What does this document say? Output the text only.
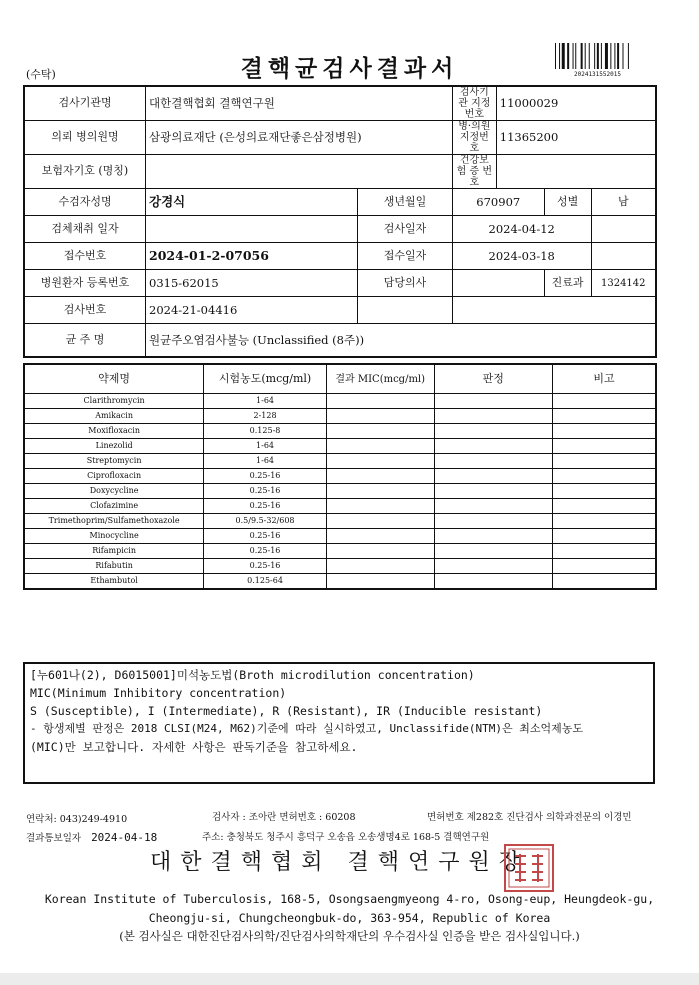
(수탁)	결핵균검사결과서	2024131552015
검사기관명	대한결핵협회 결핵연구원		검사기관 지정번호	11000029		
의뢰 병의원명	삼광의료재단 (은성의료재단좋은삼정병원)		병·의원 지정번호	11365200		
보험자기호 (명칭)			건강보험 증 번호			
수검자성명	강경식	생년월일	670907		성별	남
검체채취 일자		검사일자	2024-04-12			
접수번호	2024-01-2-07056	접수일자	2024-03-18			
병원환자 등록번호	0315-62015	담당의사			진료과	1324142
검사번호	2024-21-04416					
균 주 명	원균주오염검사불능 (Unclassified (8주))					
약제명	시험농도(mcg/ml)	결과 MIC(mcg/ml)	판정	비고
Clarithromycin	1-64			
Amikacin	2-128			
Moxifloxacin	0.125-8			
Linezolid	1-64			
Streptomycin	1-64			
Ciprofloxacin	0.25-16			
Doxycycline	0.25-16			
Clofazimine	0.25-16			
Trimethoprim/Sulfamethoxazole	0.5/9.5-32/608			
Minocycline	0.25-16			
Rifampicin	0.25-16			
Rifabutin	0.25-16			
Ethambutol	0.125-64			
[누601나(2), D6015001]미석농도법(Broth microdilution concentration)
MIC(Minimum Inhibitory concentration)
S (Susceptible), I (Intermediate), R (Resistant), IR (Inducible resistant)
- 항생제별 판정은 2018 CLSI(M24, M62)기준에 따라 실시하였고, Unclassifide(NTM)은 최소억제농도
(MIC)만 보고합니다. 자세한 사항은 판독기준을 참고하세요.
연락처: 043)249-4910	검사자 : 조아란 면허번호 : 60208	면허번호 제282호 진단검사 의학과전문의 이경민
결과통보일자 2024-04-18	주소: 충청북도 청주시 흥덕구 오송읍 오송생명4로 168-5 결핵연구원
대한결핵협회 결핵연구원장
Korean Institute of Tuberculosis, 168-5, Osongsaengmyeong 4-ro, Osong-eup, Heungdeok-gu,
Cheongju-si, Chungcheongbuk-do, 363-954, Republic of Korea
(본 검사실은 대한진단검사의학/진단검사의학재단의 우수검사실 인증을 받은 검사실입니다.)
